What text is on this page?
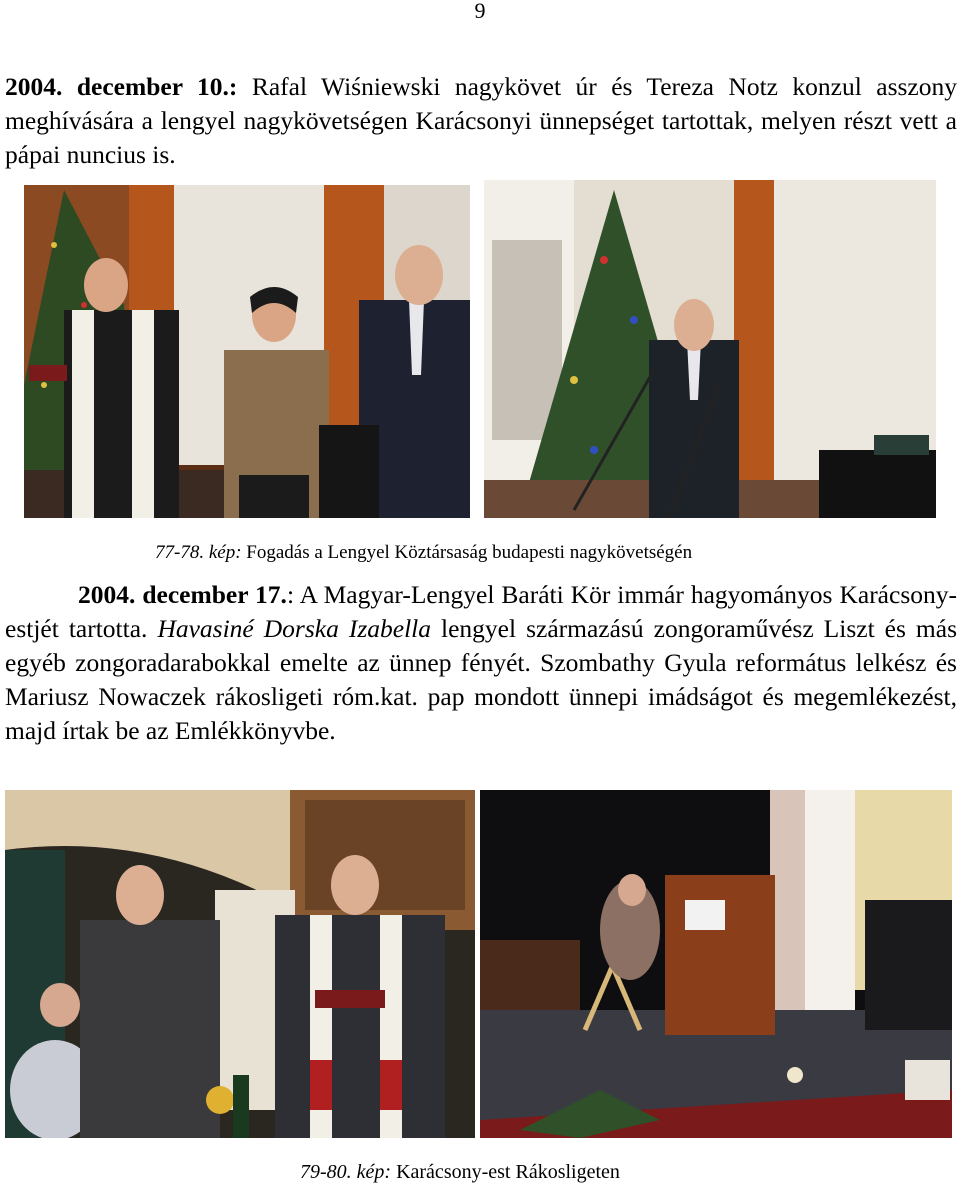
9
2004. december 10.: Rafal Wiśniewski nagykövet úr és Tereza Notz konzul asszony meghívására a lengyel nagykövetségen Karácsonyi ünnepséget tartottak, melyen részt vett a pápai nuncius is.
77-78. kép: Fogadás a Lengyel Köztársaság budapesti nagykövetségén
2004. december 17.: A Magyar-Lengyel Baráti Kör immár hagyományos Karácsony-estjét tartotta. Havasiné Dorska Izabella lengyel származású zongoraművész Liszt és más egyéb zongoradarabokkal emelte az ünnep fényét. Szombathy Gyula református lelkész és Mariusz Nowaczek rákosligeti róm.kat. pap mondott ünnepi imádságot és megemlékezést, majd írtak be az Emlékkönyvbe.
79-80. kép: Karácsony-est Rákosligeten
